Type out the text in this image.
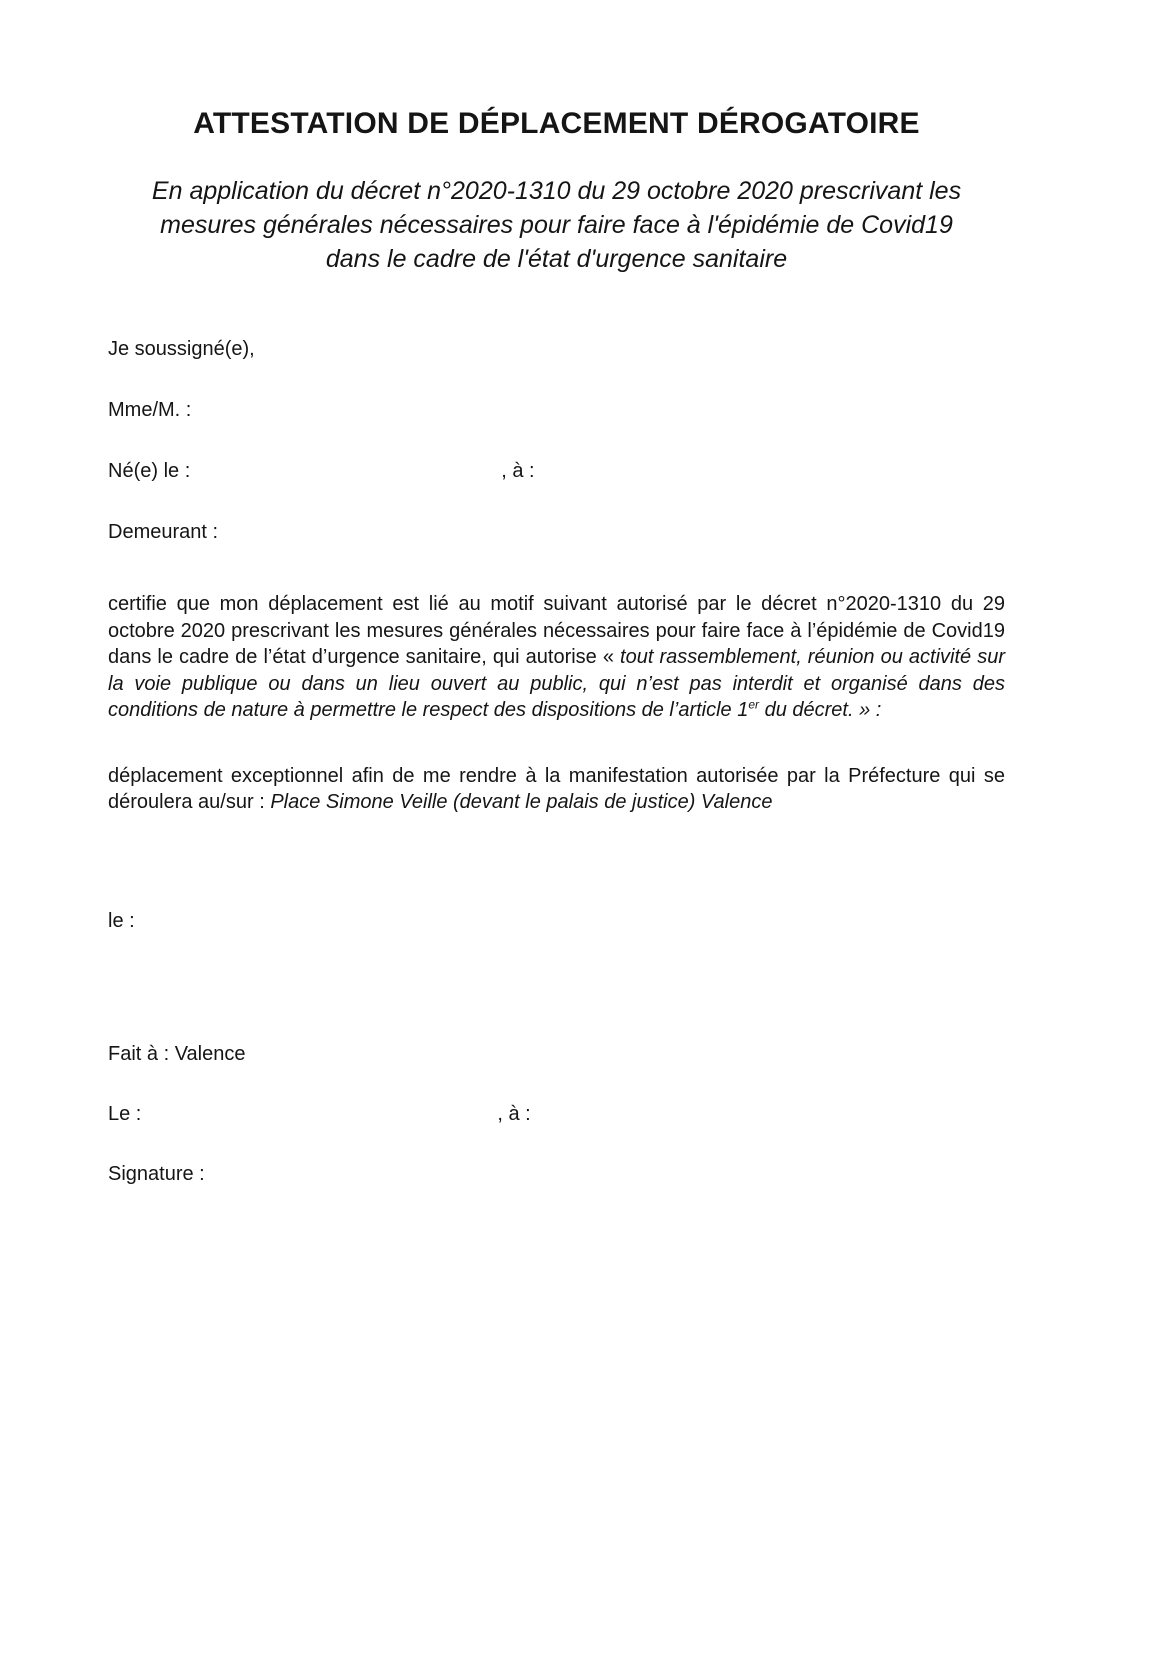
ATTESTATION DE DÉPLACEMENT DÉROGATOIRE
En application du décret n°2020-1310 du 29 octobre 2020 prescrivant les
mesures générales nécessaires pour faire face à l'épidémie de Covid19
dans le cadre de l'état d'urgence sanitaire

Je soussigné(e),

Mme/M. :

Né(e) le :	, à :

Demeurant :

certifie que mon déplacement est lié au motif suivant autorisé par le décret n°2020-1310 du 29 octobre 2020 prescrivant les mesures générales nécessaires pour faire face à l’épidémie de Covid19 dans le cadre de l’état d’urgence sanitaire, qui autorise « tout rassemblement, réunion ou activité sur la voie publique ou dans un lieu ouvert au public, qui n’est pas interdit et organisé dans des conditions de nature à permettre le respect des dispositions de l’article 1er du décret. » :

déplacement exceptionnel afin de me rendre à la manifestation autorisée par la Préfecture qui se déroulera au/sur : Place Simone Veille (devant le palais de justice) Valence

le :

Fait à : Valence

Le :	, à :

Signature :
